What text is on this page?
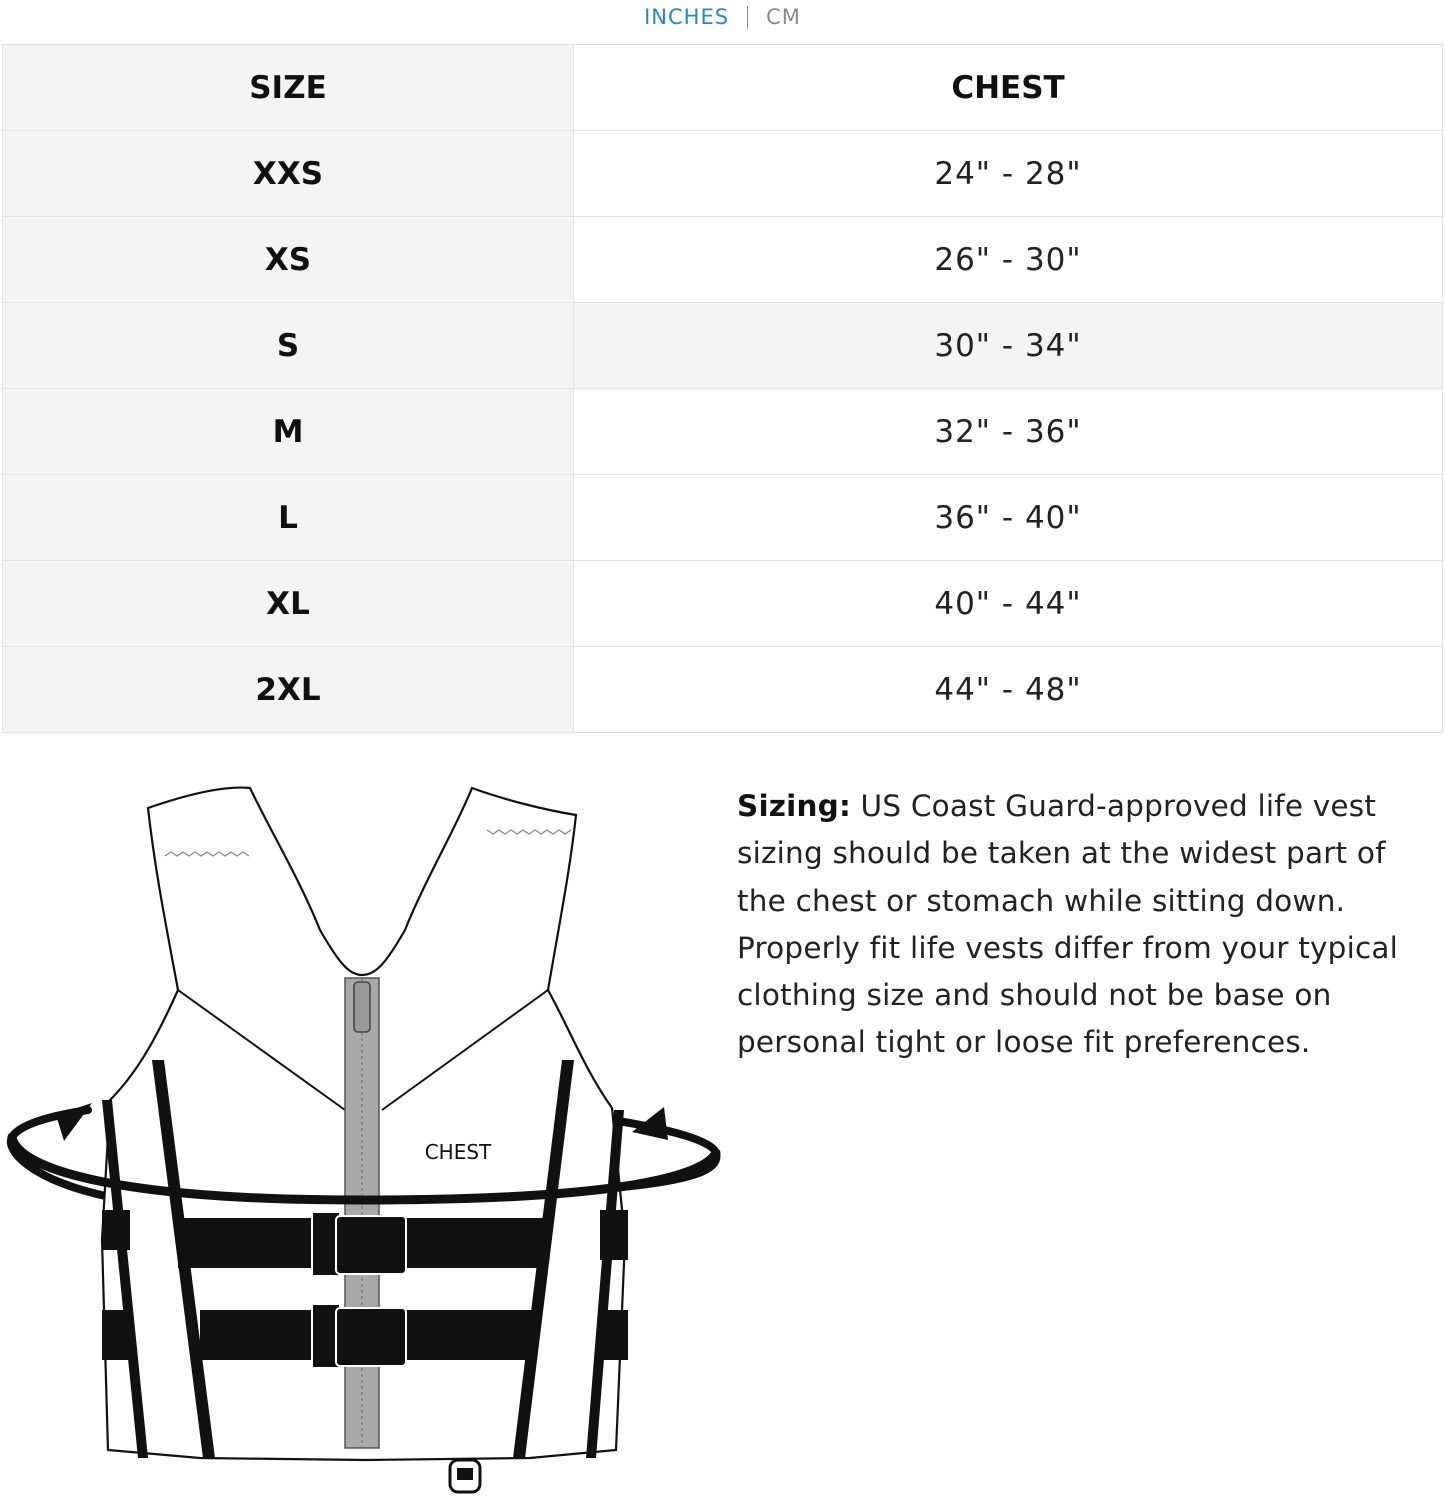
INCHES CM
SIZE	CHEST
XXS	24" - 28"
XS	26" - 30"
S	30" - 34"
M	32" - 36"
L	36" - 40"
XL	40" - 44"
2XL	44" - 48"
CHEST
Sizing: US Coast Guard-approved life vest sizing should be taken at the widest part of the chest or stomach while sitting down. Properly fit life vests differ from your typical clothing size and should not be base on personal tight or loose fit preferences.
